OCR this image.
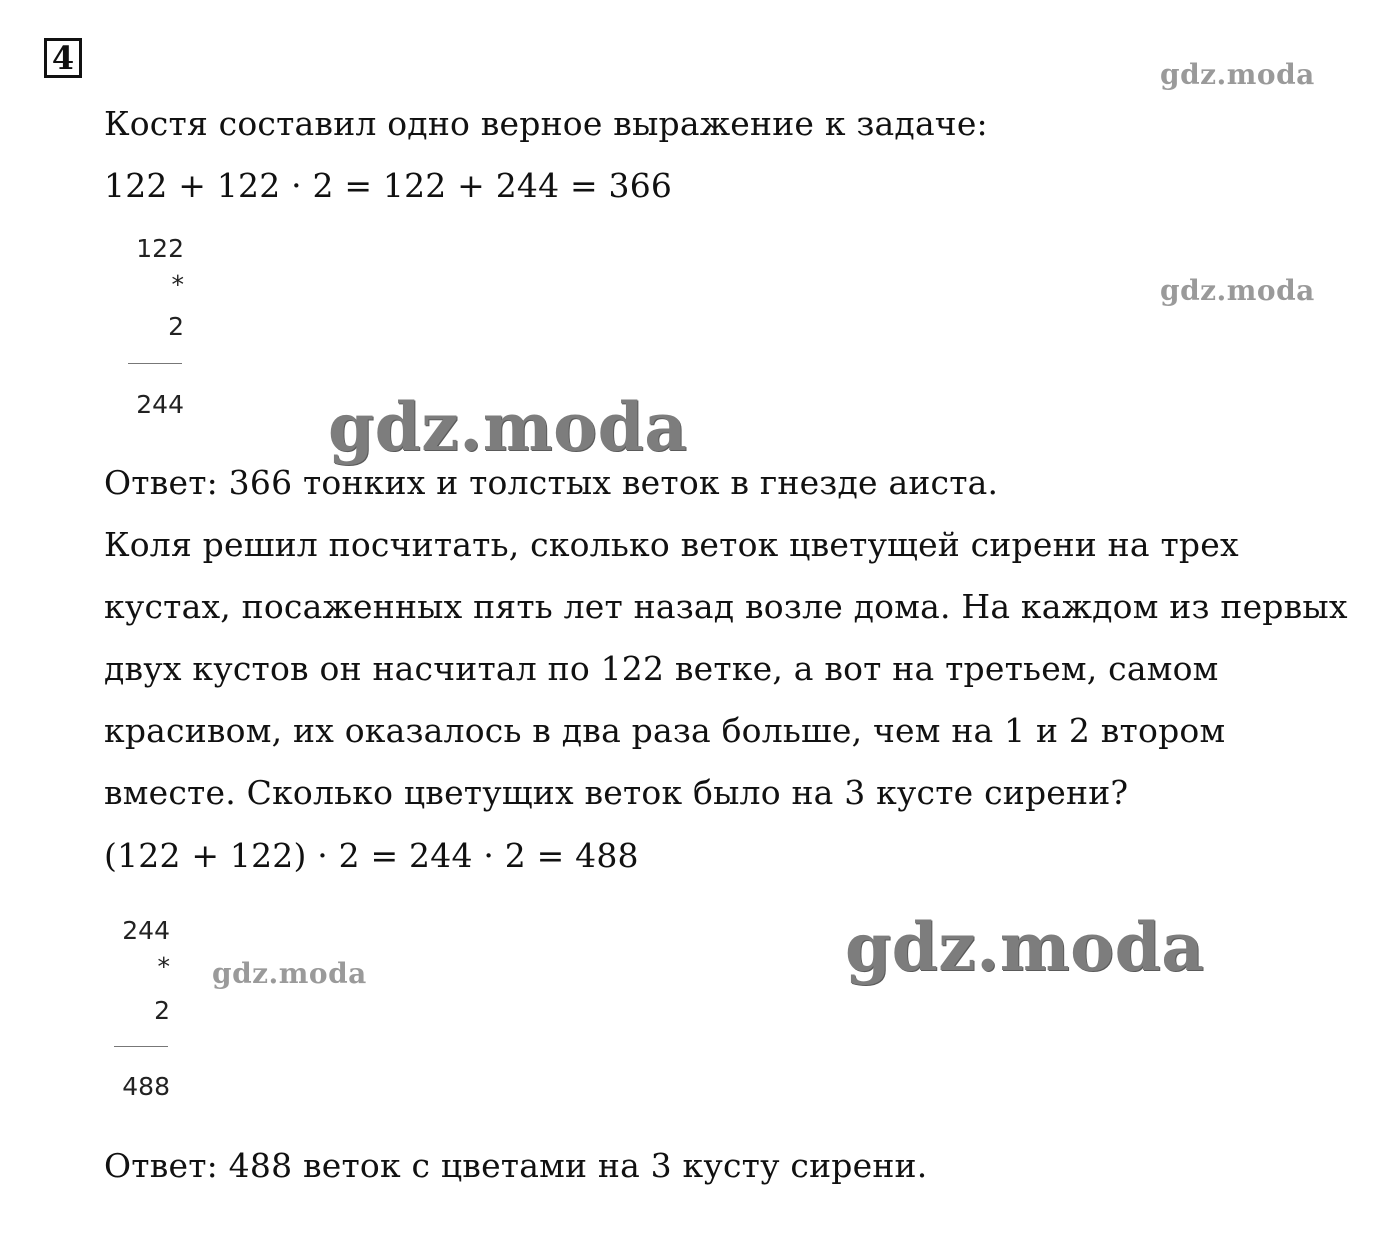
4	gdz.moda
gdz.moda
gdz.moda
gdz.moda	gdz.moda
Костя составил одно верное выражение к задаче:
122 + 122 · 2 = 122 + 244 = 366
122
*
2
244
Ответ: 366 тонких и толстых веток в гнезде аиста.
Коля решил посчитать, сколько веток цветущей сирени на трех
кустах, посаженных пять лет назад возле дома. На каждом из первых
двух кустов он насчитал по 122 ветке, а вот на третьем, самом
красивом, их оказалось в два раза больше, чем на 1 и 2 втором
вместе. Сколько цветущих веток было на 3 кусте сирени?
(122 + 122) · 2 = 244 · 2 = 488
244
*
2
488
Ответ: 488 веток с цветами на 3 кусту сирени.
